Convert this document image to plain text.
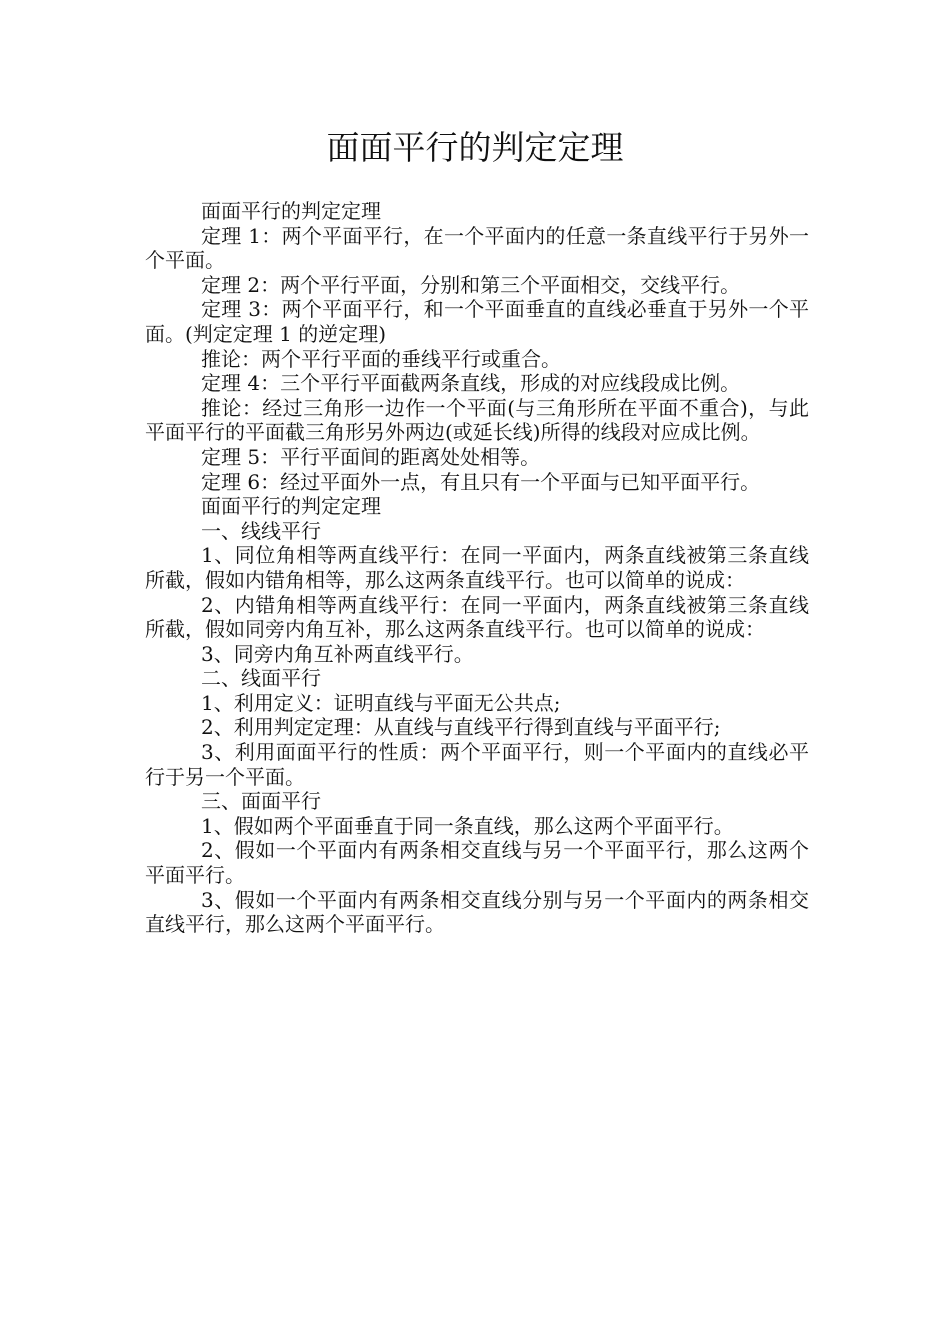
面面平行的判定定理

面面平行的判定定理

定理 1：两个平面平行，在一个平面内的任意一条直线平行于另外一个平面。

定理 2：两个平行平面，分别和第三个平面相交，交线平行。

定理 3：两个平面平行，和一个平面垂直的直线必垂直于另外一个平面。(判定定理 1 的逆定理)

推论：两个平行平面的垂线平行或重合。

定理 4：三个平行平面截两条直线，形成的对应线段成比例。

推论：经过三角形一边作一个平面(与三角形所在平面不重合)，与此平面平行的平面截三角形另外两边(或延长线)所得的线段对应成比例。

定理 5：平行平面间的距离处处相等。

定理 6：经过平面外一点，有且只有一个平面与已知平面平行。

面面平行的判定定理

一、线线平行

1、同位角相等两直线平行：在同一平面内，两条直线被第三条直线所截，假如内错角相等，那么这两条直线平行。也可以简单的说成：

2、内错角相等两直线平行：在同一平面内，两条直线被第三条直线所截，假如同旁内角互补，那么这两条直线平行。也可以简单的说成：

3、同旁内角互补两直线平行。

二、线面平行

1、利用定义：证明直线与平面无公共点;

2、利用判定定理：从直线与直线平行得到直线与平面平行;

3、利用面面平行的性质：两个平面平行，则一个平面内的直线必平行于另一个平面。

三、面面平行

1、假如两个平面垂直于同一条直线，那么这两个平面平行。

2、假如一个平面内有两条相交直线与另一个平面平行，那么这两个平面平行。

3、假如一个平面内有两条相交直线分别与另一个平面内的两条相交直线平行，那么这两个平面平行。
